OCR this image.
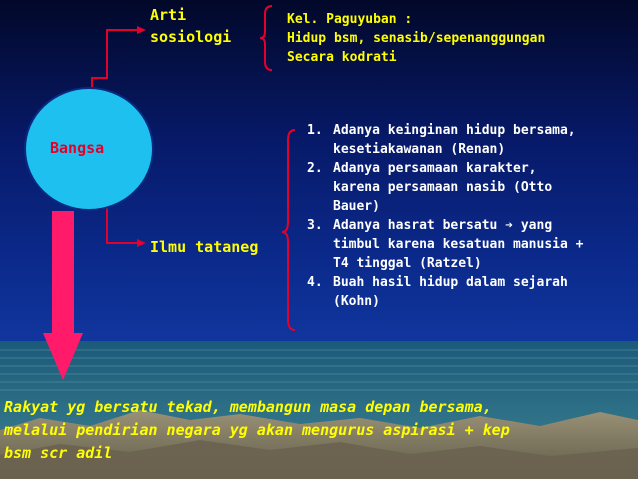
Bangsa
Arti
sosiologi
Kel. Paguyuban :
Hidup bsm, senasib/sepenanggungan
Secara kodrati
Ilmu tataneg
1. Adanya keinginan hidup bersama,
kesetiakawanan (Renan)
2. Adanya persamaan karakter,
karena persamaan nasib (Otto
Bauer)
3. Adanya hasrat bersatu ➔ yang
timbul karena kesatuan manusia +
T4 tinggal (Ratzel)
4. Buah hasil hidup dalam sejarah
(Kohn)
Rakyat yg bersatu tekad, membangun masa depan bersama,
melalui pendirian negara yg akan mengurus aspirasi + kep
bsm scr adil
